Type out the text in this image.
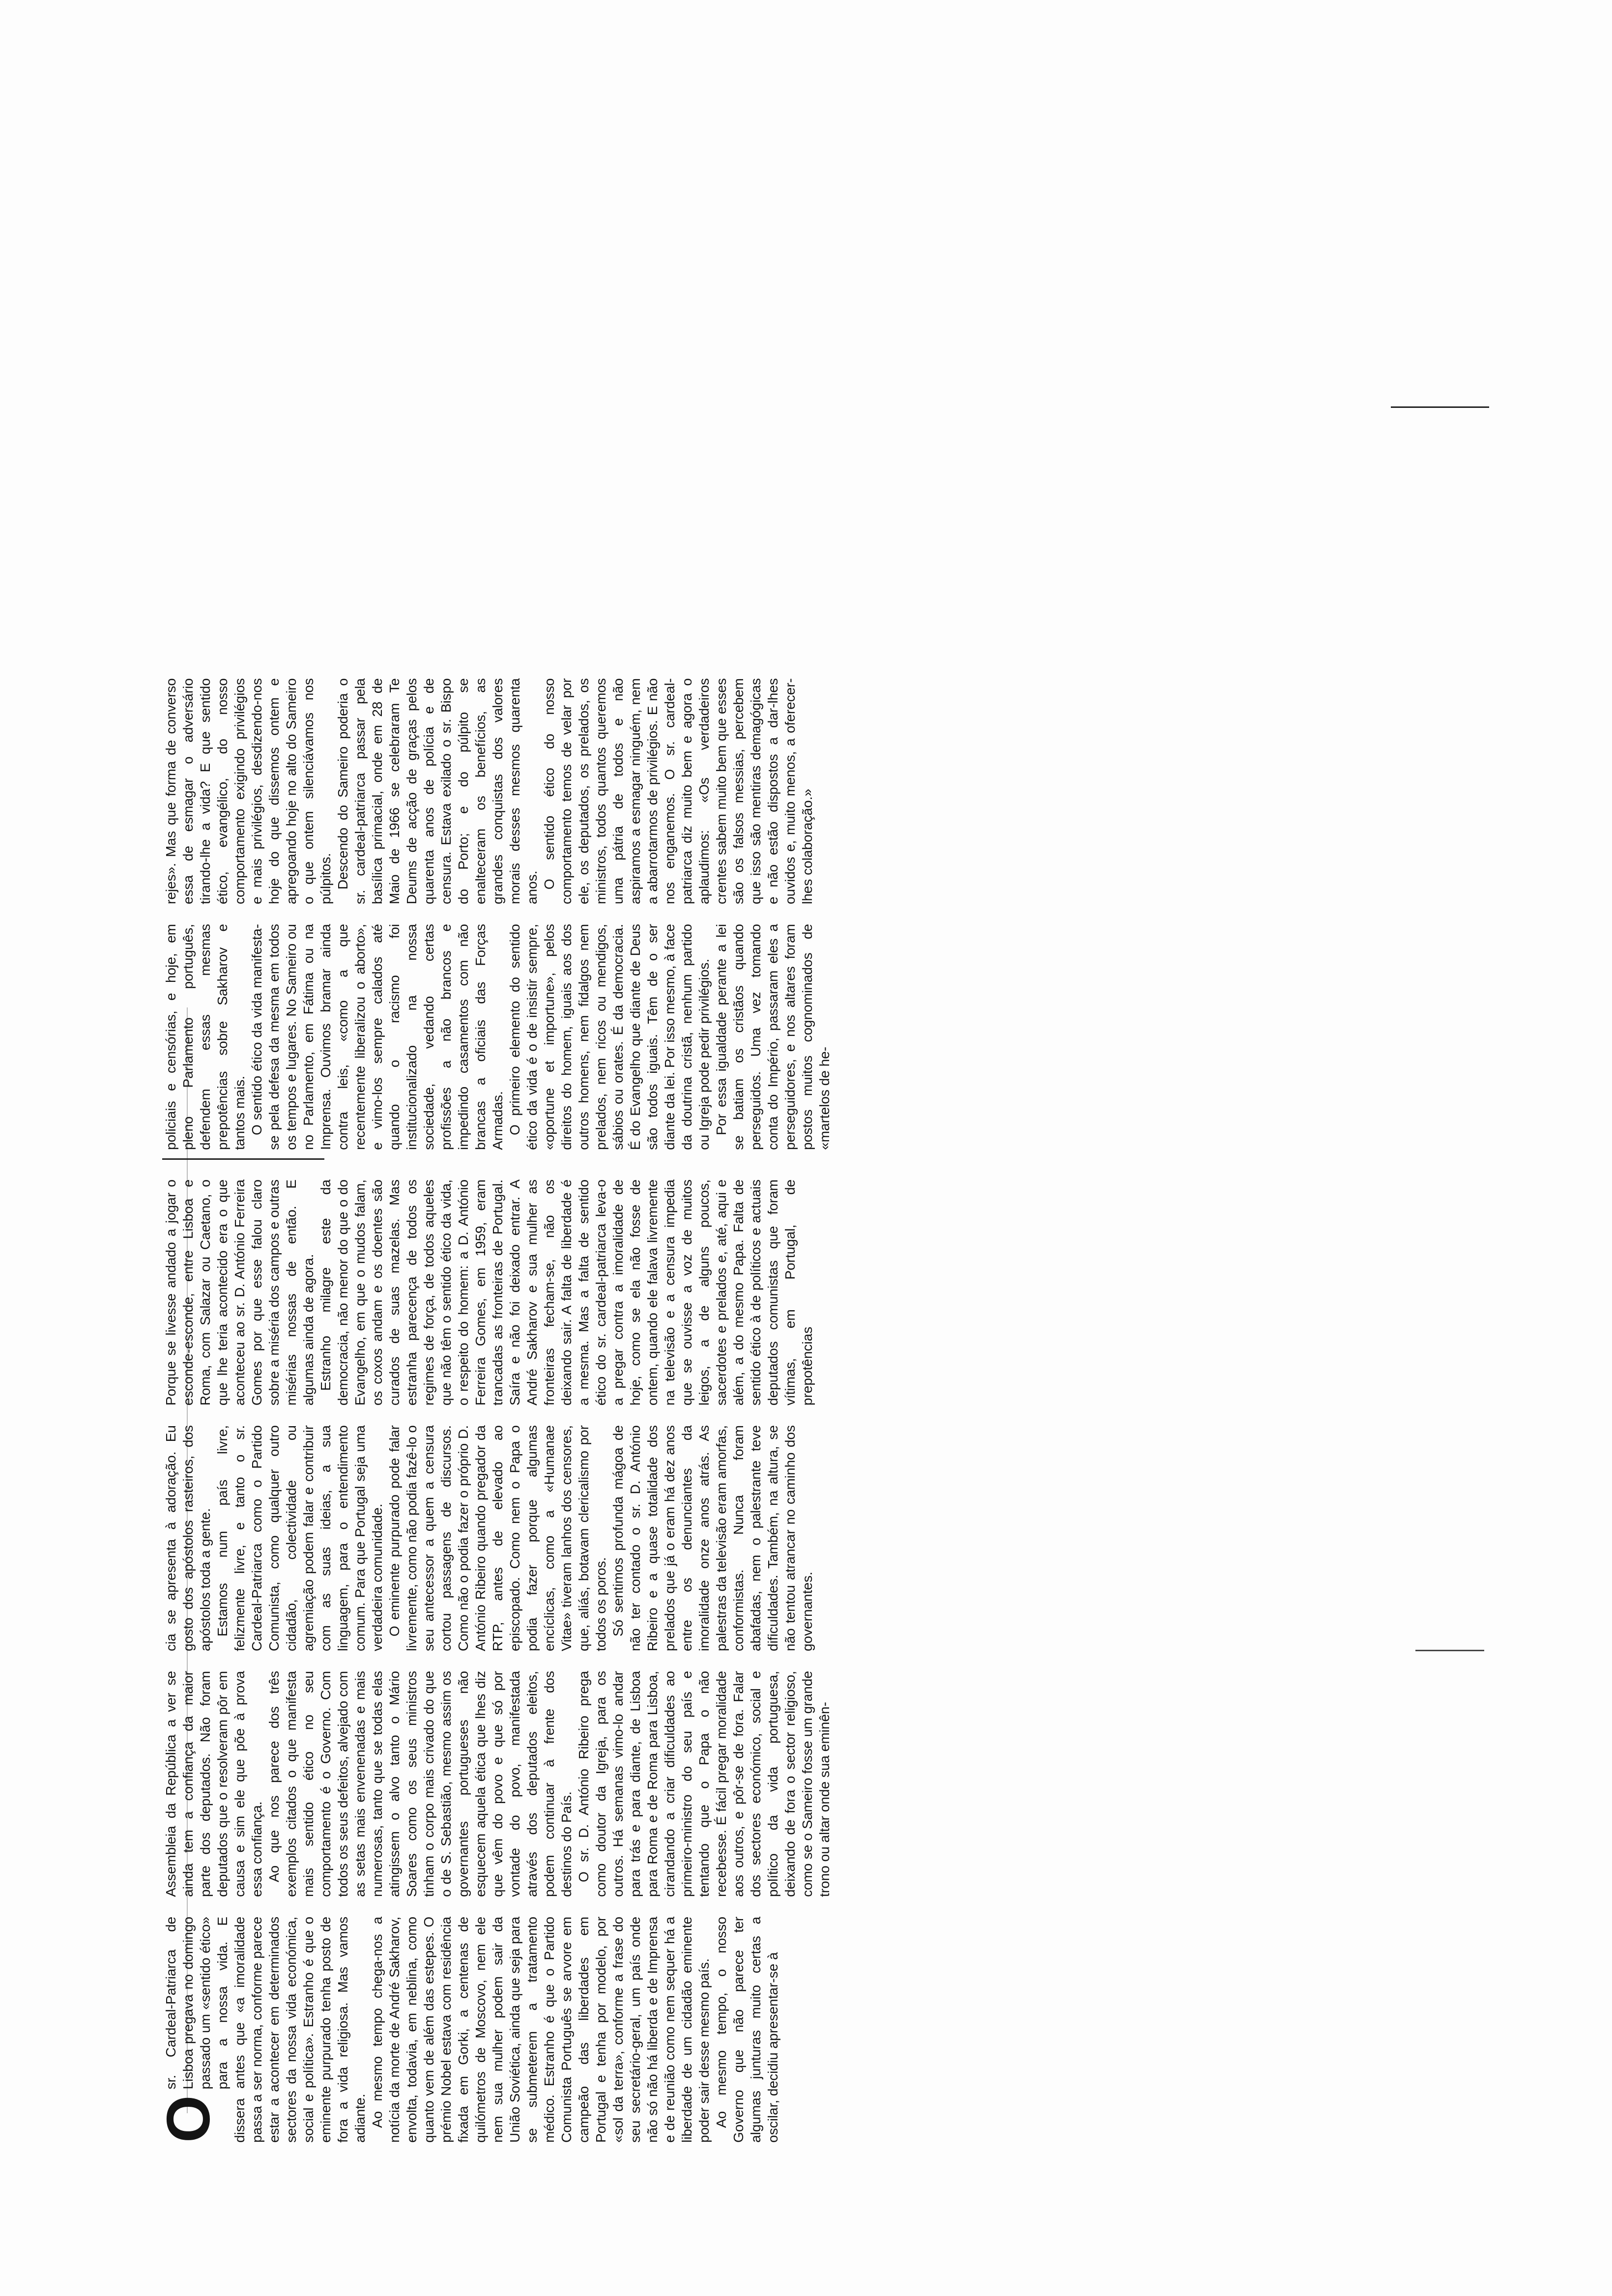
O
sr. Cardeal-Patriarca de Lisboa pregava no domingo passado um «sentido ético» para a nossa vida. E dissera antes que «a imoralidade passa a ser norma, conforme parece estar a acontecer em determinados sectores da nossa vida económica, social e política». Estranho é que o eminente purpurado tenha posto de fora a vida religiosa. Mas vamos adiante. Ao mesmo tempo chega-nos a notícia da morte de André Sakharov, envolta, todavia, em neblina, como quanto vem de além das estepes. O prémio Nobel estava com residência fixada em Gorki, a centenas de quilómetros de Moscovo, nem ele nem sua mulher podem sair da União Soviética, ainda que seja para se submeterem a tratamento médico. Estranho é que o Partido Comunista Português se arvore em campeão das liberdades em Portugal e tenha por modelo, por «sol da terra», conforme a frase do seu secretário-geral, um país onde não só não há liberda e de Imprensa e de reunião como nem sequer há a liberdade de um cidadão eminente poder sair desse mesmo país. Ao mesmo tempo, o nosso Governo que não parece ter algumas junturas muito certas a oscilar, decidiu apresentar-se à

Assembleia da República a ver se ainda tem a confiança da maior parte dos deputados. Não foram deputados que o resolveram pôr em causa e sim ele que põe à prova essa confiança. Ao que nos parece dos três exemplos citados o que manifesta mais sentido ético no seu comportamento é o Governo. Com todos os seus defeitos, alvejado com as setas mais envenenadas e mais numerosas, tanto que se todas elas atingissem o alvo tanto o Mário Soares como os seus ministros tinham o corpo mais crivado do que o de S. Sebastião, mesmo assim os governantes portugueses não esquecem aquela ética que lhes diz que vêm do povo e que só por vontade do povo, manifestada através dos deputados eleitos, podem continuar à frente dos destinos do País. O sr. D. António Ribeiro prega como doutor da Igreja, para os outros. Há semanas vimo-lo andar para trás e para diante, de Lisboa para Roma e de Roma para Lisboa, cirandando a criar dificuldades ao primeiro-ministro do seu país e tentando que o Papa o não recebesse. É fácil pregar moralidade aos outros, e pôr-se de fora. Falar dos sectores económico, social e político da vida portuguesa, deixando de fora o sector religioso, como se o Sameiro fosse um grande trono ou altar onde sua eminên-

cia se apresenta à adoração. Eu gosto dos apóstolos rasteiros, dos apóstolos toda a gente. Estamos num país livre, felizmente livre, e tanto o sr. Cardeal-Patriarca como o Partido Comunista, como qualquer outro cidadão, colectividade ou agremiação podem falar e contribuir com as suas ideias, a sua linguagem, para o entendimento comum. Para que Portugal seja uma verdadeira comunidade. O eminente purpurado pode falar livremente, como não podia fazê-lo o seu antecessor a quem a censura cortou passagens de discursos. Como não o podia fazer o próprio D. António Ribeiro quando pregador da RTP, antes de elevado ao episcopado. Como nem o Papa o podia fazer porque algumas encíclicas, como a «Humanae Vitae» tiveram lanhos dos censores, que, aliás, botavam clericalismo por todos os poros. Só sentimos profunda mágoa de não ter contado o sr. D. António Ribeiro e a quase totalidade dos prelados que já o eram há dez anos entre os denunciantes da imoralidade onze anos atrás. As palestras da televisão eram amorfas, conformistas. Nunca foram abafadas, nem o palestrante teve dificuldades. Também, na altura, se não tentou atrancar no caminho dos governantes.

Porque se livesse andado a jogar o esconde-esconde, entre Lisboa e Roma, com Salazar ou Caetano, o que lhe teria acontecido era o que aconteceu ao sr. D. António Ferreira Gomes por que esse falou claro sobre a miséria dos campos e outras misérias nossas de então. E algumas ainda de agora. Estranho milagre este da democracia, não menor do que o do Evangelho, em que o mudos falam, os coxos andam e os doentes são curados de suas mazelas. Mas estranha parecença de todos os regimes de força, de todos aqueles que não têm o sentido ético da vida, o respeito do homem: a D. António Ferreira Gomes, em 1959, eram trancadas as fronteiras de Portugal. Saíra e não foi deixado entrar. A André Sakharov e sua mulher as fronteiras fecham-se, não os deixando sair. A falta de liberdade é a mesma. Mas a falta de sentido ético do sr. cardeal-patriarca leva-o a pregar contra a imoralidade de hoje, como se ela não fosse de ontem, quando ele falava livremente na televisão e a censura impedia que se ouvisse a voz de muitos leigos, a de alguns poucos, sacerdotes e prelados e, até, aqui e além, a do mesmo Papa. Falta de sentido ético à de políticos e actuais deputados comunistas que foram vítimas, em Portugal, de prepotências

policiais e censórias, e hoje, em pleno Parlamento português, defendem essas mesmas prepotências sobre Sakharov e tantos mais. O sentido ético da vida manifesta-se pela defesa da mesma em todos os tempos e lugares. No Sameiro ou no Parlamento, em Fátima ou na Imprensa. Ouvimos bramar ainda contra leis, «como a que recentemente liberalizou o aborto», e vimo-los sempre calados até quando o racismo foi institucionalizado na nossa sociedade, vedando certas profissões a não brancos e impedindo casamentos com não brancas a oficiais das Forças Armadas. O primeiro elemento do sentido ético da vida é o de insistir sempre, «oportune et importune», pelos direitos do homem, iguais aos dos outros homens, nem fidalgos nem prelados, nem ricos ou mendigos, sábios ou orates. É da democracia. É do Evangelho que diante de Deus são todos iguais. Têm de o ser diante da lei. Por isso mesmo, à face da doutrina cristã, nenhum partido ou Igreja pode pedir privilégios. Por essa igualdade perante a lei se batiam os cristãos quando perseguidos. Uma vez tomando conta do Império, passaram eles a perseguidores, e nos altares foram postos muitos cognominados de «martelos de he-

rejes». Mas que forma de converso essa de esmagar o adversário tirando-lhe a vida? E que sentido ético, evangélico, do nosso comportamento exigindo privilégios e mais privilégios, desdizendo-nos hoje do que dissemos ontem e apregoando hoje no alto do Sameiro o que ontem silenciávamos nos púlpitos. Descendo do Sameiro poderia o sr. cardeal-patriarca passar pela basílica primacial, onde em 28 de Maio de 1966 se celebraram Te Deums de acção de graças pelos quarenta anos de polícia e de censura. Estava exilado o sr. Bispo do Porto; e do púlpito se enalteceram os benefícios, as grandes conquistas dos valores morais desses mesmos quarenta anos. O sentido ético do nosso comportamento temos de velar por ele, os deputados, os prelados, os ministros, todos quantos queremos uma pátria de todos e não aspiramos a esmagar ninguém, nem a abarrotarmos de privilégios. E não nos enganemos. O sr. cardeal-patriarca diz muito bem e agora o aplaudimos: «Os verdadeiros crentes sabem muito bem que esses são os falsos messias, percebem que isso são mentiras demagógicas e não estão dispostos a dar-lhes ouvidos e, muito menos, a oferecer-lhes colaboração.»
